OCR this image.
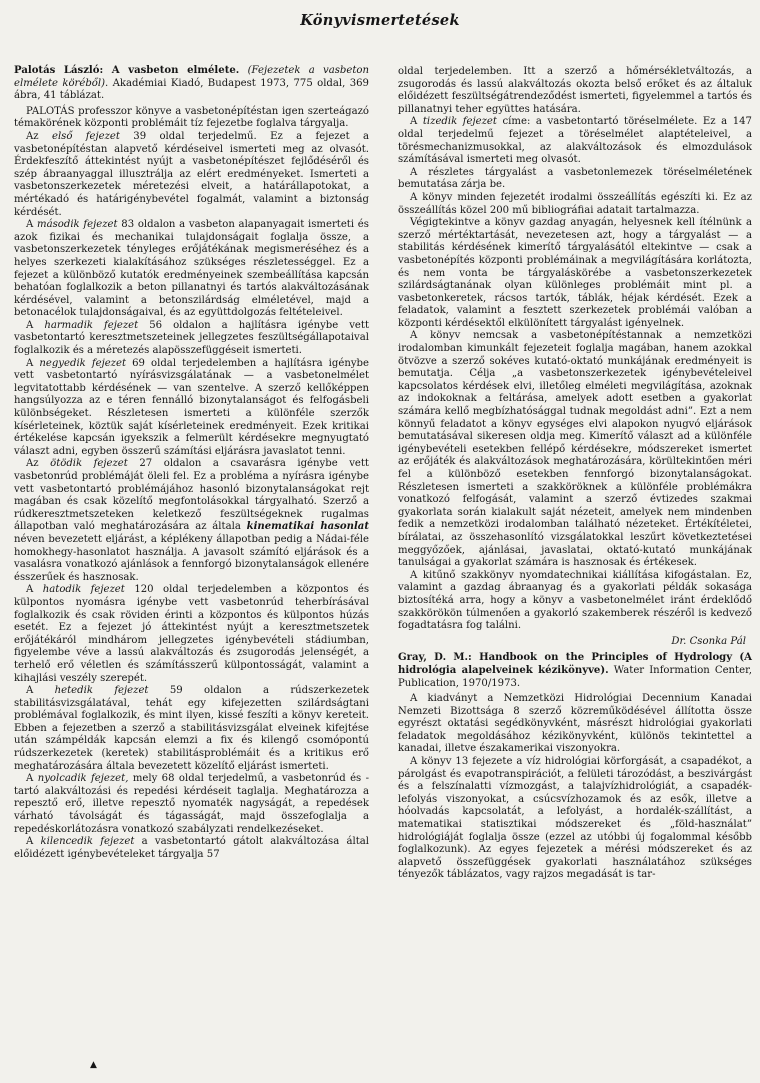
Könyvismertetések

Palotás László: A vasbeton elmélete. (Fejezetek a vasbeton elmélete köréből). Akadémiai Kiadó, Budapest 1973, 775 oldal, 369 ábra, 41 táblázat.

PALOTÁS professzor könyve a vasbetonépítéstan igen szerteágazó témakörének központi problémáit tíz fejezetbe foglalva tárgyalja.

Az első fejezet 39 oldal terjedelmű. Ez a fejezet a vasbetonépítéstan alapvető kérdéseivel ismerteti meg az olvasót. Érdekfeszítő áttekintést nyújt a vasbetonépítészet fejlődéséről és szép ábraanyaggal illusztrálja az elért eredményeket. Ismerteti a vasbetonszerkezetek méretezési elveit, a határállapotokat, a mértékadó és határigénybevétel fogalmát, valamint a biztonság kérdését.

A második fejezet 83 oldalon a vasbeton alapanyagait ismerteti és azok fizikai és mechanikai tulajdonságait foglalja össze, a vasbetonszerkezetek tényleges erőjátékának megismeréséhez és a helyes szerkezeti kialakításához szükséges részletességgel. Ez a fejezet a különböző kutatók eredményeinek szembeállítása kapcsán behatóan foglalkozik a beton pillanatnyi és tartós alakváltozásának kérdésével, valamint a betonszilárdság elméletével, majd a betonacélok tulajdonságaival, és az együttdolgozás feltételeivel.

A harmadik fejezet 56 oldalon a hajlításra igénybe vett vasbetontartó keresztmetszeteinek jellegzetes feszültségállapotaival foglalkozik és a méretezés alapösszefüggéseit ismerteti.

A negyedik fejezet 69 oldal terjedelemben a hajlításra igénybe vett vasbetontartó nyírásvizsgálatának — a vasbetonelmélet legvitatottabb kérdésének — van szentelve. A szerző kellőképpen hangsúlyozza az e téren fennálló bizonytalanságot és felfogásbeli különbségeket. Részletesen ismerteti a különféle szerzők kísérleteinek, köztük saját kísérleteinek eredményeit. Ezek kritikai értékelése kapcsán igyekszik a felmerült kérdésekre megnyugtató választ adni, egyben összerű számítási eljárásra javaslatot tenni.

Az ötödik fejezet 27 oldalon a csavarásra igénybe vett vasbetonrúd problémáját öleli fel. Ez a probléma a nyírásra igénybe vett vasbetontartó problémájához hasonló bizonytalanságokat rejt magában és csak közelítő megfontolásokkal tárgyalható. Szerző a rúdkeresztmetszeteken keletkező feszültségeknek rugalmas állapotban való meghatározására az általa kinematikai hasonlat néven bevezetett eljárást, a képlékeny állapotban pedig a Nádai-féle homokhegy-hasonlatot használja. A javasolt számító eljárások és a vasalásra vonatkozó ajánlások a fennforgó bizonytalanságok ellenére ésszerűek és hasznosak.

A hatodik fejezet 120 oldal terjedelemben a központos és külpontos nyomásra igénybe vett vasbetonrúd teherbírásával foglalkozik és csak röviden érinti a központos és külpontos húzás esetét. Ez a fejezet jó áttekintést nyújt a keresztmetszetek erőjátékáról mindhárom jellegzetes igénybevételi stádiumban, figyelembe véve a lassú alakváltozás és zsugorodás jelenségét, a terhelő erő véletlen és számításszerű külpontosságát, valamint a kihajlási veszély szerepét.

A hetedik fejezet 59 oldalon a rúdszerkezetek stabilitásvizsgálatával, tehát egy kifejezetten szilárdságtani problémával foglalkozik, és mint ilyen, kissé feszíti a könyv kereteit. Ebben a fejezetben a szerző a stabilitásvizsgálat elveinek kifejtése után számpéldák kapcsán elemzi a fix és kilengő csomópontú rúdszerkezetek (keretek) stabilitásproblémáit és a kritikus erő meghatározására általa bevezetett közelítő eljárást ismerteti.

A nyolcadik fejezet, mely 68 oldal terjedelmű, a vasbetonrúd és -tartó alakváltozási és repedési kérdéseit taglalja. Meghatározza a repesztő erő, illetve repesztő nyomaték nagyságát, a repedések várható távolságát és tágasságát, majd összefoglalja a repedéskorlátozásra vonatkozó szabályzati rendelkezéseket.

A kilencedik fejezet a vasbetontartó gátolt alakváltozása által előidézett igénybevételeket tárgyalja 57

oldal terjedelemben. Itt a szerző a hőmérsékletváltozás, a zsugorodás és lassú alakváltozás okozta belső erőket és az általuk előidézett feszültségátrendeződést ismerteti, figyelemmel a tartós és pillanatnyi teher együttes hatására.

A tizedik fejezet címe: a vasbetontartó töréselmélete. Ez a 147 oldal terjedelmű fejezet a töréselmélet alaptételeivel, a törésmechanizmusokkal, az alakváltozások és elmozdulások számításával ismerteti meg olvasót.

A részletes tárgyalást a vasbetonlemezek töréselméletének bemutatása zárja be.

A könyv minden fejezetét irodalmi összeállítás egészíti ki. Ez az összeállítás közel 200 mű bibliográfiai adatait tartalmazza.

Végigtekintve a könyv gazdag anyagán, helyesnek kell ítélnünk a szerző mértéktartását, nevezetesen azt, hogy a tárgyalást — a stabilitás kérdésének kimerítő tárgyalásától eltekintve — csak a vasbetonépítés központi problémáinak a megvilágítására korlátozta, és nem vonta be tárgyaláskörébe a vasbetonszerkezetek szilárdságtanának olyan különleges problémáit mint pl. a vasbetonkeretek, rácsos tartók, táblák, héjak kérdését. Ezek a feladatok, valamint a fesztett szerkezetek problémái valóban a központi kérdésektől elkülönített tárgyalást igényelnek.

A könyv nemcsak a vasbetonépítéstannak a nemzetközi irodalomban kimunkált fejezeteit foglalja magában, hanem azokkal ötvözve a szerző sokéves kutató-oktató munkájának eredményeit is bemutatja. Célja „a vasbetonszerkezetek igénybevételeivel kapcsolatos kérdések elvi, illetőleg elméleti megvilágítása, azoknak az indokoknak a feltárása, amelyek adott esetben a gyakorlat számára kellő megbízhatósággal tudnak megoldást adni”. Ezt a nem könnyű feladatot a könyv egységes elvi alapokon nyugvó eljárások bemutatásával sikeresen oldja meg. Kimerítő választ ad a különféle igénybevételi esetekben fellépő kérdésekre, módszereket ismertet az erőjáték és alakváltozások meghatározására, körültekintően méri fel a különböző esetekben fennforgó bizonytalanságokat. Részletesen ismerteti a szakköröknek a különféle problémákra vonatkozó felfogását, valamint a szerző évtizedes szakmai gyakorlata során kialakult saját nézeteit, amelyek nem mindenben fedik a nemzetközi irodalomban található nézeteket. Értékítéletei, bírálatai, az összehasonlító vizsgálatokkal leszűrt következtetései meggyőzőek, ajánlásai, javaslatai, oktató-kutató munkájának tanulságai a gyakorlat számára is hasznosak és értékesek.

A kitűnő szakkönyv nyomdatechnikai kiállítása kifogástalan. Ez, valamint a gazdag ábraanyag és a gyakorlati példák sokasága biztosítéká arra, hogy a könyv a vasbetonelmélet iránt érdeklődő szakkörökön túlmenően a gyakorló szakemberek részéről is kedvező fogadtatásra fog találni.

Dr. Csonka Pál

Gray, D. M.: Handbook on the Principles of Hydrology (A hidrológia alapelveinek kézikönyve). Water Information Center, Publication, 1970/1973.

A kiadványt a Nemzetközi Hidrológiai Decennium Kanadai Nemzeti Bizottsága 8 szerző közreműködésével állította össze egyrészt oktatási segédkönyvként, másrészt hidrológiai gyakorlati feladatok megoldásához kézikönyvként, különös tekintettel a kanadai, illetve északamerikai viszonyokra.

A könyv 13 fejezete a víz hidrológiai körforgását, a csapadékot, a párolgást és evapotranspirációt, a felületi tározódást, a beszivárgást és a felszínalatti vízmozgást, a talajvízhidrológiát, a csapadék-lefolyás viszonyokat, a csúcsvízhozamok és az esők, illetve a hóolvadás kapcsolatát, a lefolyást, a hordalék-szállítást, a matematikai statisztikai módszereket és „föld-használat” hidrológiáját foglalja össze (ezzel az utóbbi új fogalommal később foglalkozunk). Az egyes fejezetek a mérési módszereket és az alapvető összefüggések gyakorlati használatához szükséges tényezők táblázatos, vagy rajzos megadását is tar-

▲
